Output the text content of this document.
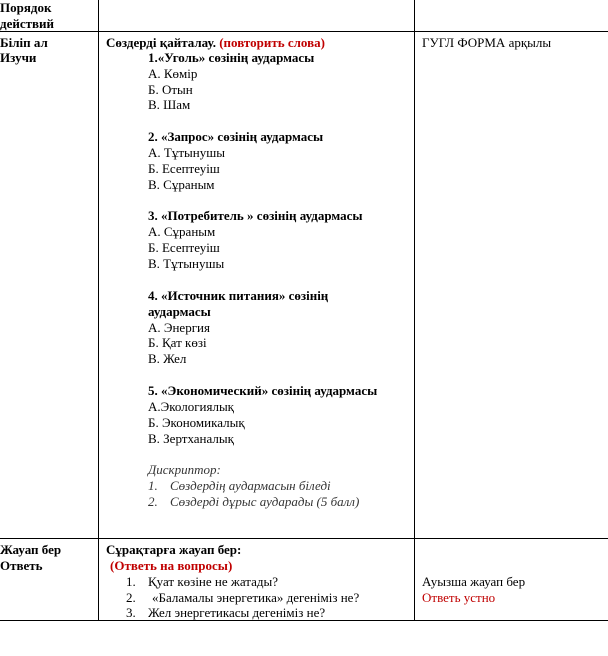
Порядок
действий
Біліп ал
Изучи
Сөздерді қайталау. (повторить слова)	ГУГЛ ФОРМА арқылы
1.«Уголь» сөзінің аудармасы
А. Көмір
Б. Отын
В. Шам
2. «Запрос» сөзінің аудармасы
А. Тұтынушы
Б. Есептеуіш
В. Сұраным
3. «Потребитель » сөзінің аудармасы
А. Сұраным
Б. Есептеуіш
В. Тұтынушы
4. «Источник питания» сөзінің
аудармасы
А. Энергия
Б. Қат көзі
В. Жел
5. «Экономический» сөзінің аудармасы
А.Экологиялық
Б. Экономикалық
В. Зертханалық
Дискриптор:
1. Сөздердің аудармасын біледі
2. Сөздерді дұрыс аударады (5 балл)
Жауап бер
Ответь
Сұрақтарға жауап бер:
(Ответь на вопросы)
1. Қуат көзіне не жатады?
2. «Баламалы энергетика» дегеніміз не?
3. Жел энергетикасы дегеніміз не?
Ауызша жауап бер
Ответь устно
